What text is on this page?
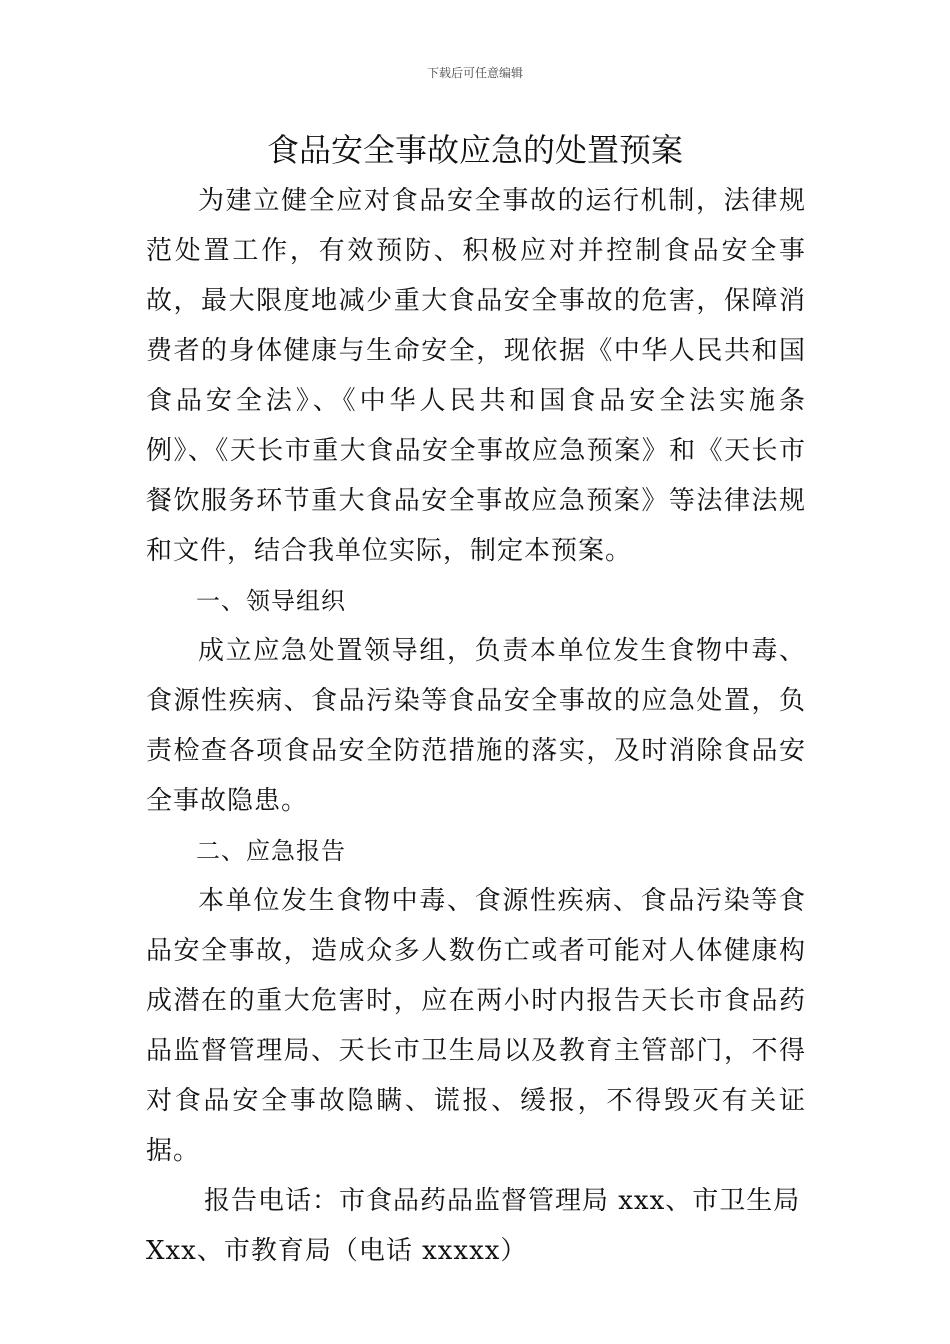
下载后可任意编辑
食品安全事故应急的处置预案

为建立健全应对食品安全事故的运行机制，法律规范处置工作，有效预防、积极应对并控制食品安全事故，最大限度地减少重大食品安全事故的危害，保障消费者的身体健康与生命安全，现依据《中华人民共和国食品安全法》、《中华人民共和国食品安全法实施条例》、《天长市重大食品安全事故应急预案》和《天长市餐饮服务环节重大食品安全事故应急预案》等法律法规和文件，结合我单位实际，制定本预案。

一、领导组织

成立应急处置领导组，负责本单位发生食物中毒、食源性疾病、食品污染等食品安全事故的应急处置，负责检查各项食品安全防范措施的落实，及时消除食品安全事故隐患。

二、应急报告

本单位发生食物中毒、食源性疾病、食品污染等食品安全事故，造成众多人数伤亡或者可能对人体健康构成潜在的重大危害时，应在两小时内报告天长市食品药品监督管理局、天长市卫生局以及教育主管部门，不得对食品安全事故隐瞒、谎报、缓报，不得毁灭有关证据。

报告电话：市食品药品监督管理局 xxx、市卫生局 Xxx、市教育局（电话 xxxxx）
